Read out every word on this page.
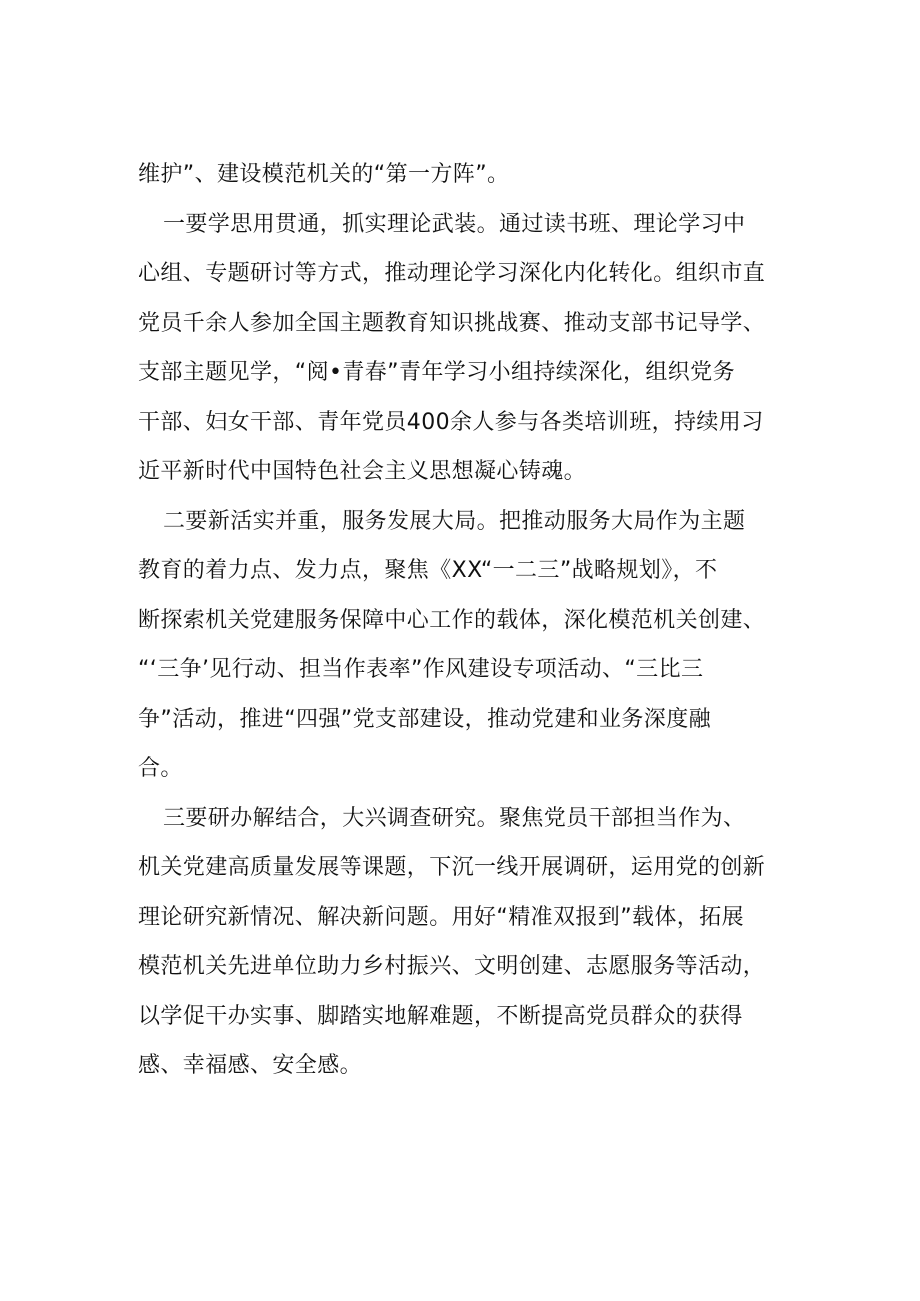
维护”、建设模范机关的“第一方阵”。
一要学思用贯通，抓实理论武装。通过读书班、理论学习中
心组、专题研讨等方式，推动理论学习深化内化转化。组织市直
党员千余人参加全国主题教育知识挑战赛、推动支部书记导学、
支部主题见学，“阅•青春”青年学习小组持续深化，组织党务
干部、妇女干部、青年党员400余人参与各类培训班，持续用习
近平新时代中国特色社会主义思想凝心铸魂。
二要新活实并重，服务发展大局。把推动服务大局作为主题
教育的着力点、发力点，聚焦《XX“一二三”战略规划》，不
断探索机关党建服务保障中心工作的载体，深化模范机关创建、
“‘三争’见行动、担当作表率”作风建设专项活动、“三比三
争”活动，推进“四强”党支部建设，推动党建和业务深度融
合。
三要研办解结合，大兴调查研究。聚焦党员干部担当作为、
机关党建高质量发展等课题，下沉一线开展调研，运用党的创新
理论研究新情况、解决新问题。用好“精准双报到”载体，拓展
模范机关先进单位助力乡村振兴、文明创建、志愿服务等活动，
以学促干办实事、脚踏实地解难题，不断提高党员群众的获得
感、幸福感、安全感。
